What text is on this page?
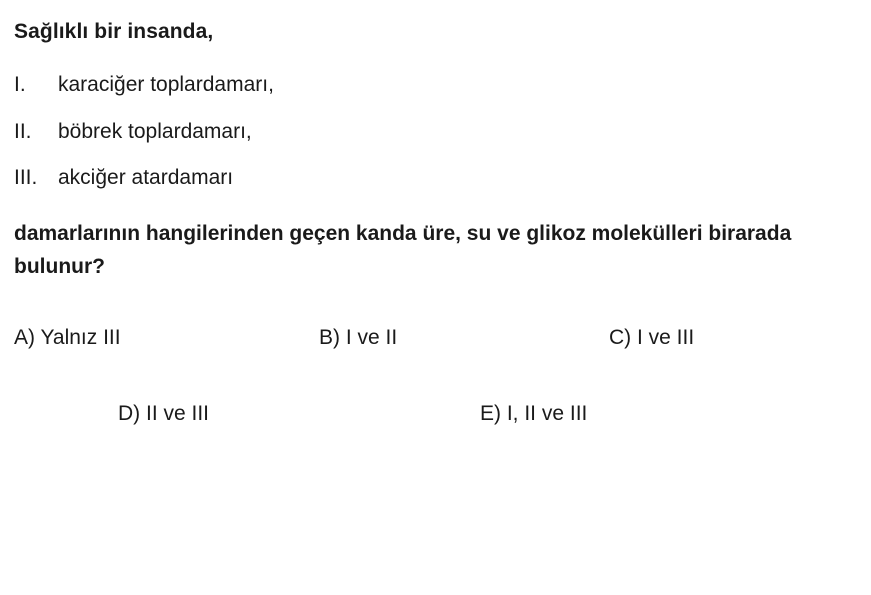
Sağlıklı bir insanda,

I.	karaciğer toplardamarı,
II.	böbrek toplardamarı,
III. akciğer atardamarı

damarlarının hangilerinden geçen kanda üre, su ve glikoz molekülleri birarada bulunur?

A) Yalnız III	B) I ve II	C) I ve III
D) II ve III	E) I, II ve III
